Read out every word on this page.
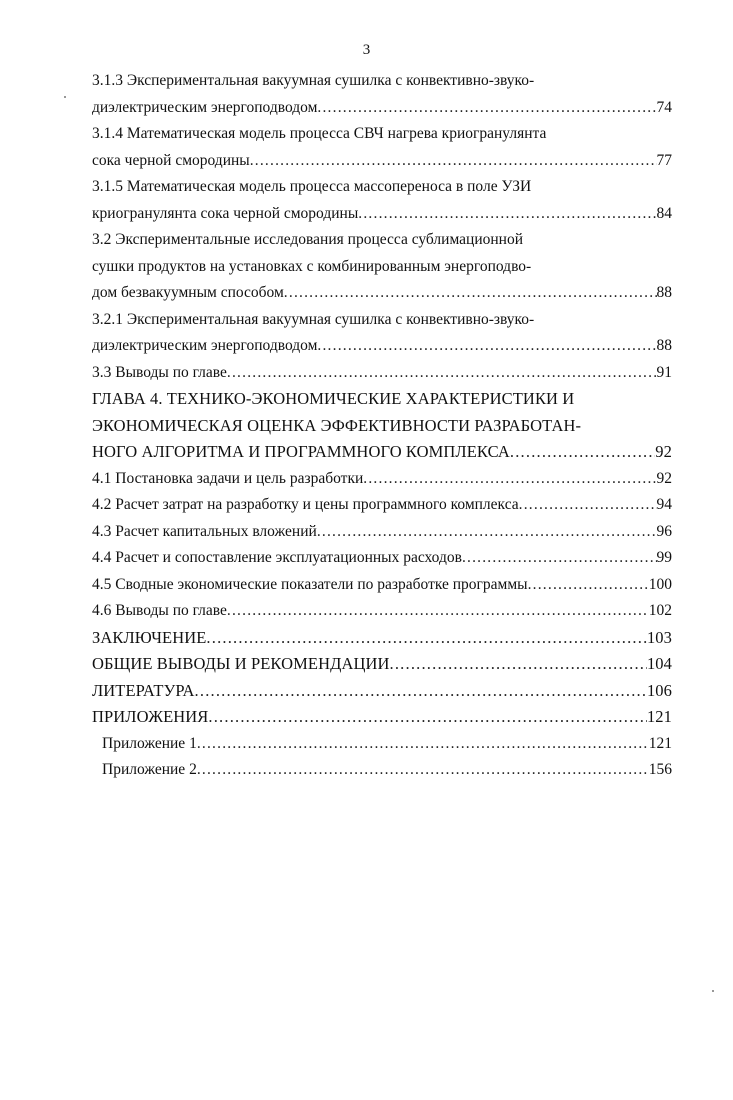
3
3.1.3 Экспериментальная вакуумная сушилка с конвективно-звуко-
диэлектрическим энергоподводом .....	74
3.1.4 Математическая модель процесса СВЧ нагрева криогранулянта
сока черной смородины .....	77
3.1.5 Математическая модель процесса массопереноса в поле УЗИ
криогранулянта сока черной смородины .....	84
3.2 Экспериментальные исследования процесса сублимационной
сушки продуктов на установках с комбинированным энергоподво-
дом безвакуумным способом .....	88
3.2.1 Экспериментальная вакуумная сушилка с конвективно-звуко-
диэлектрическим энергоподводом .....	88
3.3 Выводы по главе .....	91
ГЛАВА 4. ТЕХНИКО-ЭКОНОМИЧЕСКИЕ ХАРАКТЕРИСТИКИ И
ЭКОНОМИЧЕСКАЯ ОЦЕНКА ЭФФЕКТИВНОСТИ РАЗРАБОТАН-
НОГО АЛГОРИТМА И ПРОГРАММНОГО КОМПЛЕКСА .....	92
4.1 Постановка задачи и цель разработки .....	92
4.2 Расчет затрат на разработку и цены программного комплекса .....	94
4.3 Расчет капитальных вложений .....	96
4.4 Расчет и сопоставление эксплуатационных расходов .....	99
4.5 Сводные экономические показатели по разработке программы .....	100
4.6 Выводы по главе .....	102
ЗАКЛЮЧЕНИЕ .....	103
ОБЩИЕ ВЫВОДЫ И РЕКОМЕНДАЦИИ .....	104
ЛИТЕРАТУРА .....	106
ПРИЛОЖЕНИЯ .....	121
Приложение 1 .....	121
Приложение 2 .....	156
